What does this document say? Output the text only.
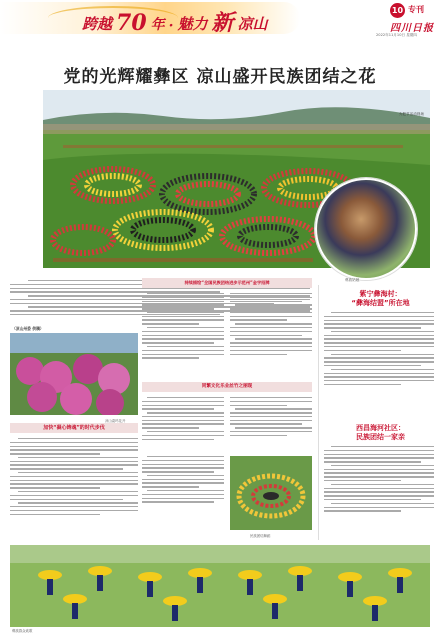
跨越 70 年 · 魅力 新 凉山
10 专刊
四川日报
2022年11月10日 星期四
党的光辉耀彝区 凉山盛开民族团结之花
火把节活动现场
彝族姑娘
（凉山州委 供稿）
凉山索玛花开
加快“凝心铸魂”的时代步伐
持续描绘“全国民族团结进步示范州”金字招牌
同繁文化乐业丝竹之丽现
民族团结舞蹈
紫宁彝海村：
“彝海结盟”所在地
西昌海河社区：
民族团结一家亲
彝族群众欢歌
